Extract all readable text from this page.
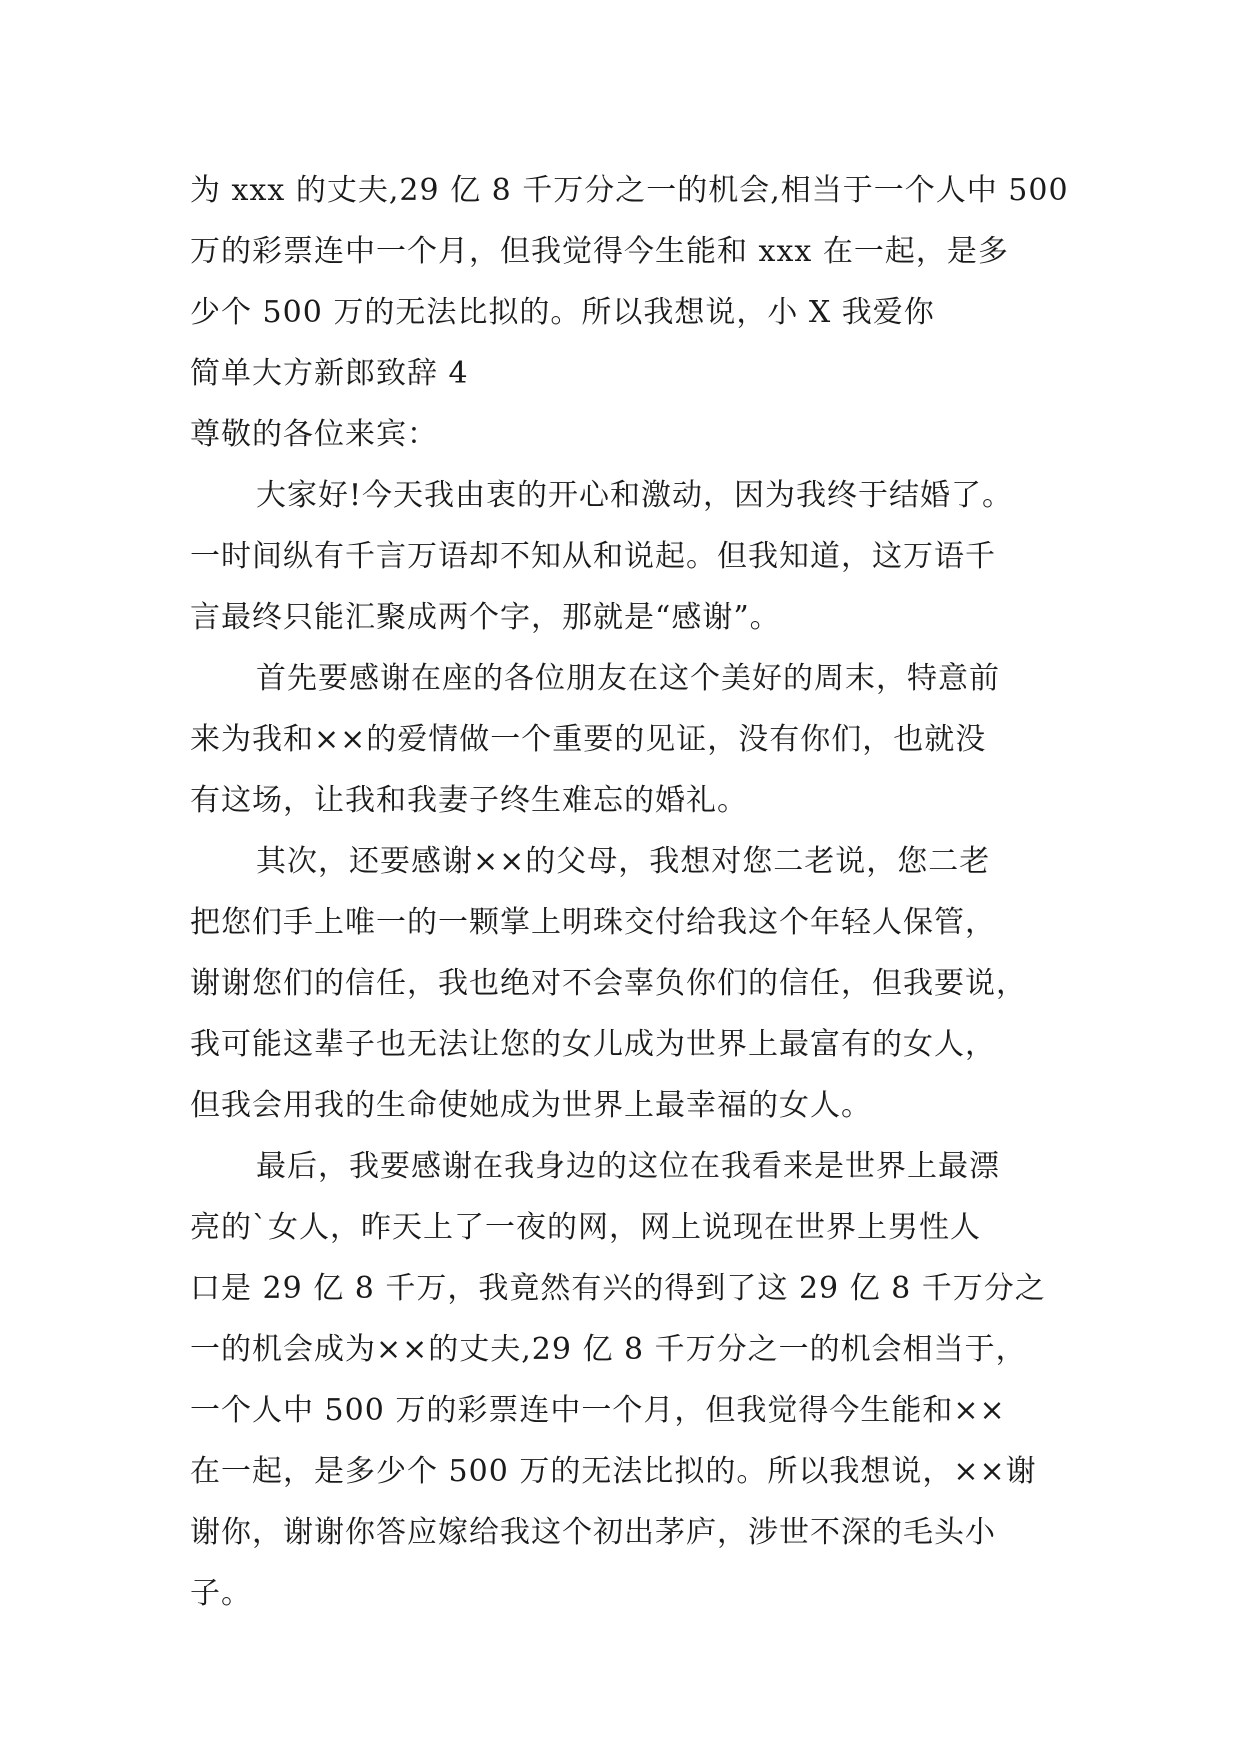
为 xxx 的丈夫,29 亿 8 千万分之一的机会,相当于一个人中 500
万的彩票连中一个月，但我觉得今生能和 xxx 在一起，是多
少个 500 万的无法比拟的。所以我想说，小 X 我爱你
简单大方新郎致辞 4
尊敬的各位来宾：
大家好!今天我由衷的开心和激动，因为我终于结婚了。
一时间纵有千言万语却不知从和说起。但我知道，这万语千
言最终只能汇聚成两个字，那就是“感谢”。
首先要感谢在座的各位朋友在这个美好的周末，特意前
来为我和××的爱情做一个重要的见证，没有你们，也就没
有这场，让我和我妻子终生难忘的婚礼。
其次，还要感谢××的父母，我想对您二老说，您二老
把您们手上唯一的一颗掌上明珠交付给我这个年轻人保管，
谢谢您们的信任，我也绝对不会辜负你们的信任，但我要说，
我可能这辈子也无法让您的女儿成为世界上最富有的女人，
但我会用我的生命使她成为世界上最幸福的女人。
最后，我要感谢在我身边的这位在我看来是世界上最漂
亮的`女人，昨天上了一夜的网，网上说现在世界上男性人
口是 29 亿 8 千万，我竟然有兴的得到了这 29 亿 8 千万分之
一的机会成为××的丈夫,29 亿 8 千万分之一的机会相当于，
一个人中 500 万的彩票连中一个月，但我觉得今生能和××
在一起，是多少个 500 万的无法比拟的。所以我想说，××谢
谢你，谢谢你答应嫁给我这个初出茅庐，涉世不深的毛头小
子。
